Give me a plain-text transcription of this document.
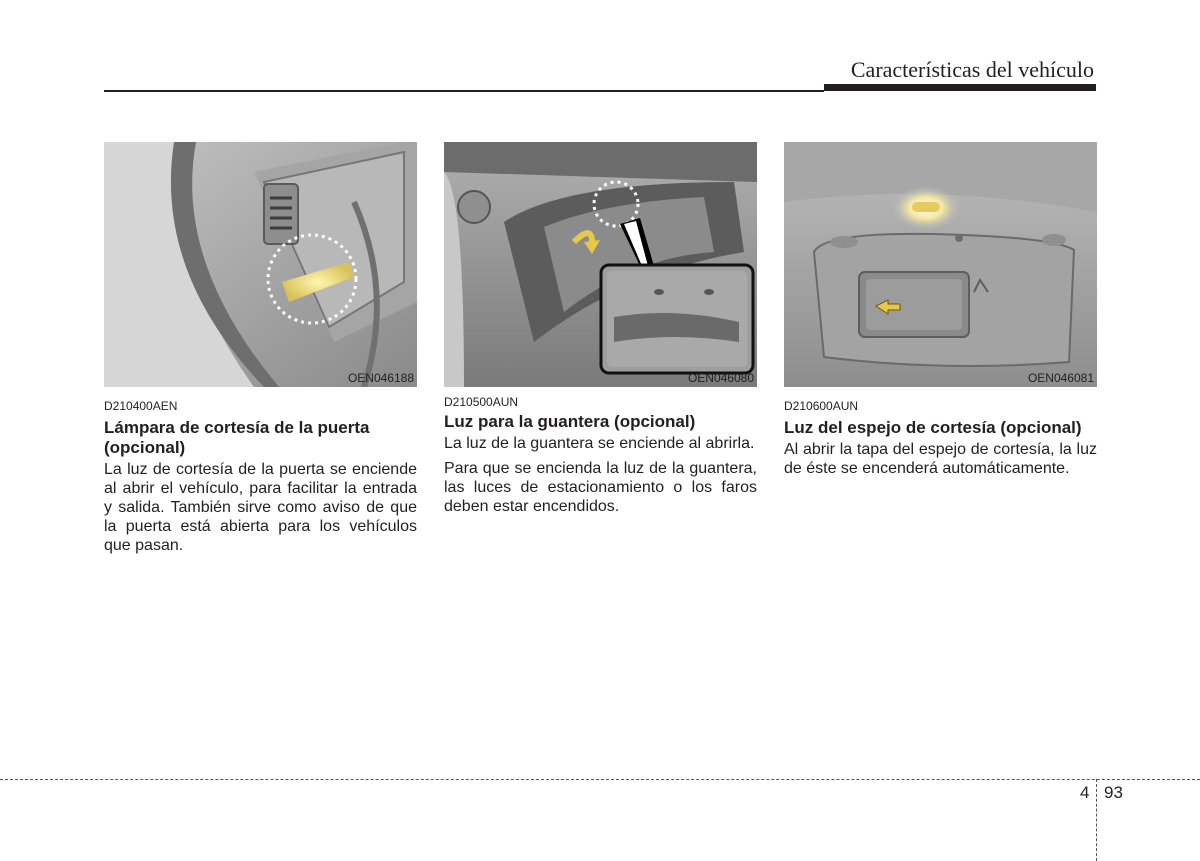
Características del vehículo
OEN046188
D210400AEN
Lámpara de cortesía de la puerta (opcional)
La luz de cortesía de la puerta se enciende al abrir el vehículo, para facilitar la entrada y salida. También sirve como aviso de que la puerta está abierta para los vehículos que pasan.
OEN046080
D210500AUN
Luz para la guantera (opcional)
La luz de la guantera se enciende al abrirla.
Para que se encienda la luz de la guantera, las luces de estacionamiento o los faros deben estar encendidos.
OEN046081
D210600AUN
Luz del espejo de cortesía (opcional)
Al abrir la tapa del espejo de cortesía, la luz de éste se encenderá automáticamente.
4 93
